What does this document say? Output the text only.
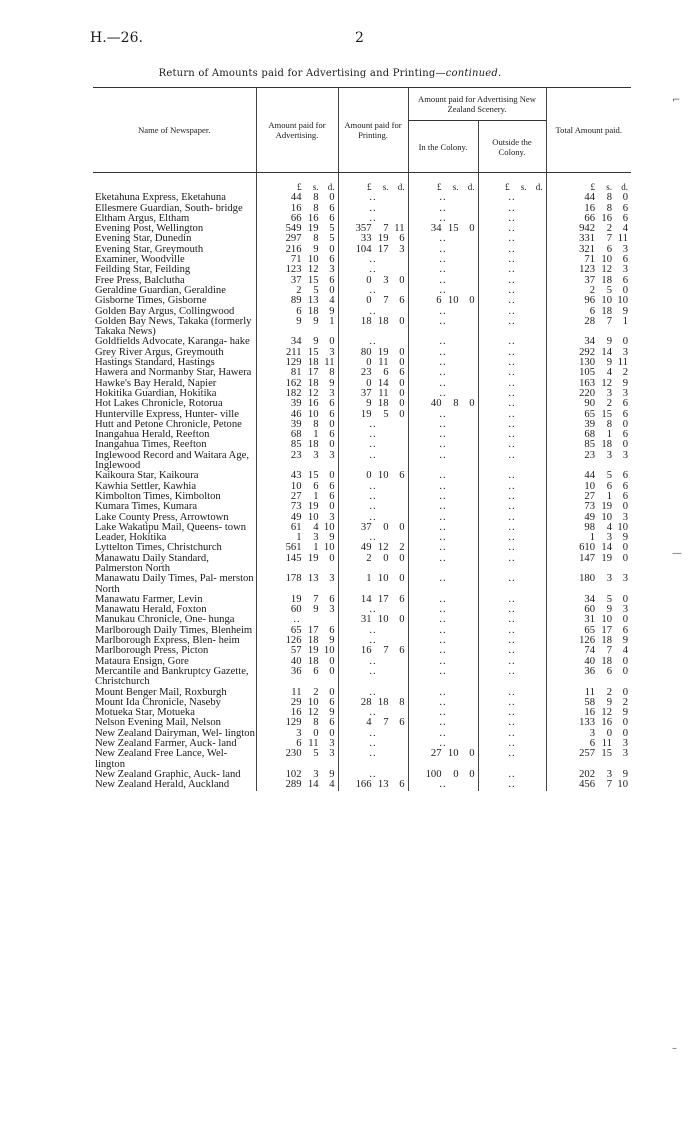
H.—26.	2
Return of Amounts paid for Advertising and Printing—continued.
Name of Newspaper.	Amount paid for Advertising.	Amount paid for Printing.	Amount paid for Advertising New Zealand Scenery.		Total Amount paid.
			In the Colony.	Outside the Colony.	

	£ s. d.	£ s. d.	£ s. d.	£ s. d.	£ s. d.

Eketahuna Express, Eketahuna	44 8 0	..	..	..	44 8 0

Ellesmere Guardian, South- bridge	16 8 6	..	..	..	16 8 6

Eltham Argus, Eltham	66 16 6	..	..	..	66 16 6

Evening Post, Wellington	549 19 5	357 7 11	34 15 0	..	942 2 4

Evening Star, Dunedin	297 8 5	33 19 6	..	..	331 7 11

Evening Star, Greymouth	216 9 0	104 17 3	..	..	321 6 3

Examiner, Woodville	71 10 6	..	..	..	71 10 6

Feilding Star, Feilding	123 12 3	..	..	..	123 12 3

Free Press, Balclutha	37 15 6	0 3 0	..	..	37 18 6

Geraldine Guardian, Geraldine	2 5 0	..	..	..	2 5 0

Gisborne Times, Gisborne	89 13 4	0 7 6	6 10 0	..	96 10 10

Golden Bay Argus, Collingwood	6 18 9	..	..	..	6 18 9

Golden Bay News, Takaka (formerly Takaka News)	9 9 1	18 18 0	..	..	28 7 1

Goldfields Advocate, Karanga- hake	34 9 0	..	..	..	34 9 0

Grey River Argus, Greymouth	211 15 3	80 19 0	..	..	292 14 3

Hastings Standard, Hastings	129 18 11	0 11 0	..	..	130 9 11

Hawera and Normanby Star, Hawera	81 17 8	23 6 6	..	..	105 4 2

Hawke's Bay Herald, Napier	162 18 9	0 14 0	..	..	163 12 9

Hokitika Guardian, Hokitika	182 12 3	37 11 0	..	..	220 3 3

Hot Lakes Chronicle, Rotorua	39 16 6	9 18 0	40 8 0	..	90 2 6

Hunterville Express, Hunter- ville	46 10 6	19 5 0	..	..	65 15 6

Hutt and Petone Chronicle, Petone	39 8 0	..	..	..	39 8 0

Inangahua Herald, Reefton	68 1 6	..	..	..	68 1 6

Inangahua Times, Reefton	85 18 0	..	..	..	85 18 0

Inglewood Record and Waitara Age, Inglewood	23 3 3	..	..	..	23 3 3

Kaikoura Star, Kaikoura	43 15 0	0 10 6	..	..	44 5 6

Kawhia Settler, Kawhia	10 6 6	..	..	..	10 6 6

Kimbolton Times, Kimbolton	27 1 6	..	..	..	27 1 6

Kumara Times, Kumara	73 19 0	..	..	..	73 19 0

Lake County Press, Arrowtown	49 10 3	..	..	..	49 10 3

Lake Wakatipu Mail, Queens- town	61 4 10	37 0 0	..	..	98 4 10

Leader, Hokitika	1 3 9	..	..	..	1 3 9

Lyttelton Times, Christchurch	561 1 10	49 12 2	..	..	610 14 0

Manawatu Daily Standard, Palmerston North	145 19 0	2 0 0	..	..	147 19 0

Manawatu Daily Times, Pal- merston North	178 13 3	1 10 0	..	..	180 3 3

Manawatu Farmer, Levin	19 7 6	14 17 6	..	..	34 5 0

Manawatu Herald, Foxton	60 9 3	..	..	..	60 9 3

Manukau Chronicle, One- hunga	..	31 10 0	..	..	31 10 0

Marlborough Daily Times, Blenheim	65 17 6	..	..	..	65 17 6

Marlborough Express, Blen- heim	126 18 9	..	..	..	126 18 9

Marlborough Press, Picton	57 19 10	16 7 6	..	..	74 7 4

Mataura Ensign, Gore	40 18 0	..	..	..	40 18 0

Mercantile and Bankruptcy Gazette, Christchurch	36 6 0	..	..	..	36 6 0

Mount Benger Mail, Roxburgh	11 2 0	..	..	..	11 2 0

Mount Ida Chronicle, Naseby	29 10 6	28 18 8	..	..	58 9 2

Motueka Star, Motueka	16 12 9	..	..	..	16 12 9

Nelson Evening Mail, Nelson	129 8 6	4 7 6	..	..	133 16 0

New Zealand Dairyman, Wel- lington	3 0 0	..	..	..	3 0 0

New Zealand Farmer, Auck- land	6 11 3	..	..	..	6 11 3

New Zealand Free Lance, Wel- lington	230 5 3	..	27 10 0	..	257 15 3

New Zealand Graphic, Auck- land	102 3 9	..	100 0 0	..	202 3 9

New Zealand Herald, Auckland	289 14 4	166 13 6	..	..	456 7 10
⌐
—
–
